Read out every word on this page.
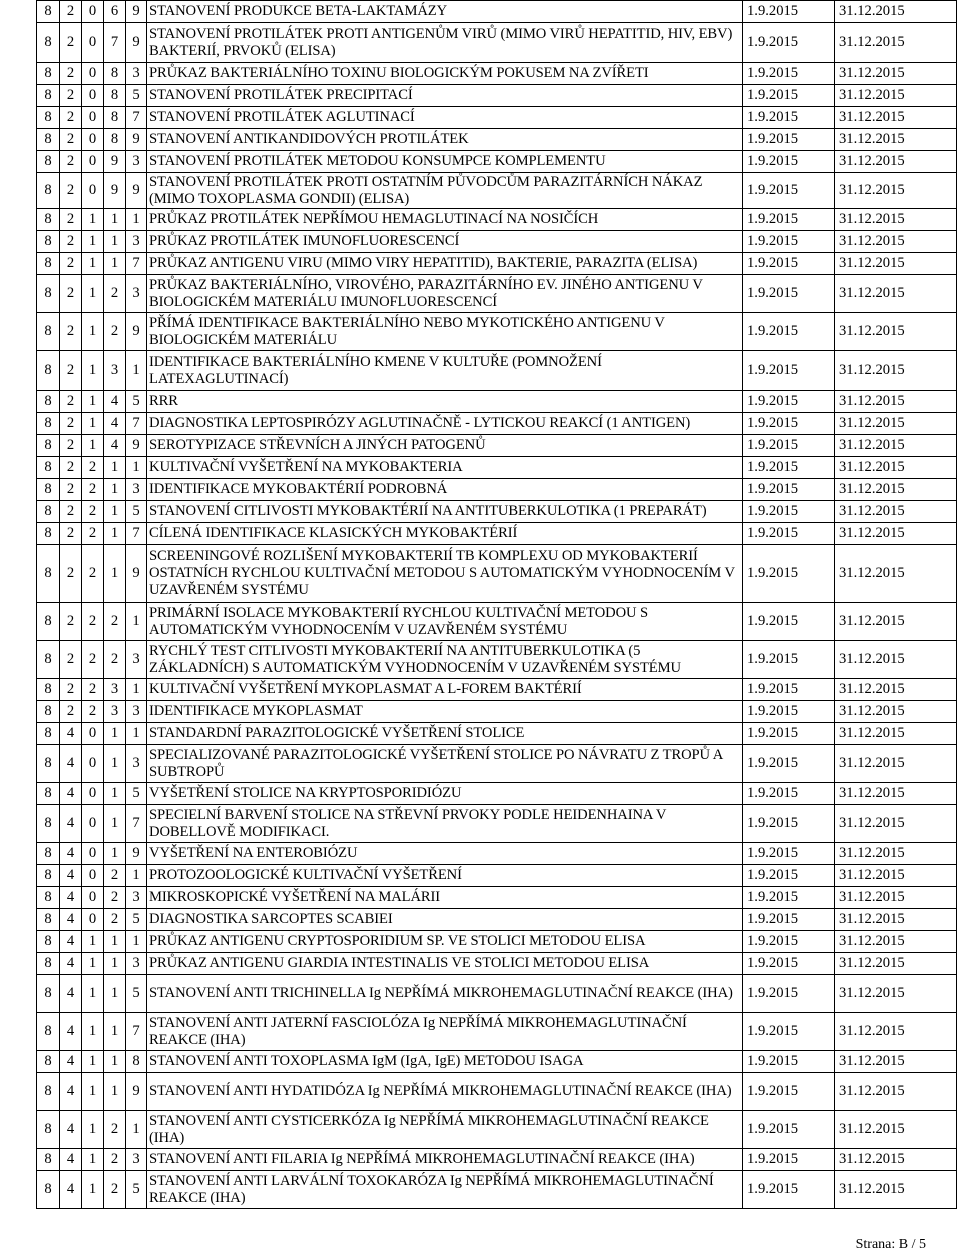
8	2	0	6	9	STANOVENÍ PRODUKCE BETA-LAKTAMÁZY	1.9.2015	31.12.2015
8	2	0	7	9	STANOVENÍ PROTILÁTEK PROTI ANTIGENŮM VIRŮ (MIMO VIRŮ HEPATITID, HIV, EBV) BAKTERIÍ, PRVOKŮ (ELISA)	1.9.2015	31.12.2015
8	2	0	8	3	PRŮKAZ BAKTERIÁLNÍHO TOXINU BIOLOGICKÝM POKUSEM NA ZVÍŘETI	1.9.2015	31.12.2015
8	2	0	8	5	STANOVENÍ PROTILÁTEK PRECIPITACÍ	1.9.2015	31.12.2015
8	2	0	8	7	STANOVENÍ PROTILÁTEK AGLUTINACÍ	1.9.2015	31.12.2015
8	2	0	8	9	STANOVENÍ ANTIKANDIDOVÝCH PROTILÁTEK	1.9.2015	31.12.2015
8	2	0	9	3	STANOVENÍ PROTILÁTEK METODOU KONSUMPCE KOMPLEMENTU	1.9.2015	31.12.2015
8	2	0	9	9	STANOVENÍ PROTILÁTEK PROTI OSTATNÍM PŮVODCŮM PARAZITÁRNÍCH NÁKAZ (MIMO TOXOPLASMA GONDII) (ELISA)	1.9.2015	31.12.2015
8	2	1	1	1	PRŮKAZ PROTILÁTEK NEPŘÍMOU HEMAGLUTINACÍ NA NOSIČÍCH	1.9.2015	31.12.2015
8	2	1	1	3	PRŮKAZ PROTILÁTEK IMUNOFLUORESCENCÍ	1.9.2015	31.12.2015
8	2	1	1	7	PRŮKAZ ANTIGENU VIRU (MIMO VIRY HEPATITID), BAKTERIE, PARAZITA (ELISA)	1.9.2015	31.12.2015
8	2	1	2	3	PRŮKAZ BAKTERIÁLNÍHO, VIROVÉHO, PARAZITÁRNÍHO EV. JINÉHO ANTIGENU V BIOLOGICKÉM MATERIÁLU IMUNOFLUORESCENCÍ	1.9.2015	31.12.2015
8	2	1	2	9	PŘÍMÁ IDENTIFIKACE BAKTERIÁLNÍHO NEBO MYKOTICKÉHO ANTIGENU V BIOLOGICKÉM MATERIÁLU	1.9.2015	31.12.2015
8	2	1	3	1	IDENTIFIKACE BAKTERIÁLNÍHO KMENE V KULTUŘE (POMNOŽENÍ LATEXAGLUTINACÍ)	1.9.2015	31.12.2015
8	2	1	4	5	RRR	1.9.2015	31.12.2015
8	2	1	4	7	DIAGNOSTIKA LEPTOSPIRÓZY AGLUTINAČNĚ - LYTICKOU REAKCÍ (1 ANTIGEN)	1.9.2015	31.12.2015
8	2	1	4	9	SEROTYPIZACE STŘEVNÍCH A JINÝCH PATOGENŮ	1.9.2015	31.12.2015
8	2	2	1	1	KULTIVAČNÍ VYŠETŘENÍ NA MYKOBAKTERIA	1.9.2015	31.12.2015
8	2	2	1	3	IDENTIFIKACE MYKOBAKTÉRIÍ PODROBNÁ	1.9.2015	31.12.2015
8	2	2	1	5	STANOVENÍ CITLIVOSTI MYKOBAKTÉRIÍ NA ANTITUBERKULOTIKA (1 PREPARÁT)	1.9.2015	31.12.2015
8	2	2	1	7	CÍLENÁ IDENTIFIKACE KLASICKÝCH MYKOBAKTÉRIÍ	1.9.2015	31.12.2015
8	2	2	1	9	SCREENINGOVÉ ROZLIŠENÍ MYKOBAKTERIÍ TB KOMPLEXU OD MYKOBAKTERIÍ OSTATNÍCH RYCHLOU KULTIVAČNÍ METODOU S AUTOMATICKÝM VYHODNOCENÍM V UZAVŘENÉM SYSTÉMU	1.9.2015	31.12.2015
8	2	2	2	1	PRIMÁRNÍ ISOLACE MYKOBAKTERIÍ RYCHLOU KULTIVAČNÍ METODOU S AUTOMATICKÝM VYHODNOCENÍM V UZAVŘENÉM SYSTÉMU	1.9.2015	31.12.2015
8	2	2	2	3	RYCHLÝ TEST CITLIVOSTI MYKOBAKTERIÍ NA ANTITUBERKULOTIKA (5 ZÁKLADNÍCH) S AUTOMATICKÝM VYHODNOCENÍM V UZAVŘENÉM SYSTÉMU	1.9.2015	31.12.2015
8	2	2	3	1	KULTIVAČNÍ VYŠETŘENÍ MYKOPLASMAT A L-FOREM BAKTÉRIÍ	1.9.2015	31.12.2015
8	2	2	3	3	IDENTIFIKACE MYKOPLASMAT	1.9.2015	31.12.2015
8	4	0	1	1	STANDARDNÍ PARAZITOLOGICKÉ VYŠETŘENÍ STOLICE	1.9.2015	31.12.2015
8	4	0	1	3	SPECIALIZOVANÉ PARAZITOLOGICKÉ VYŠETŘENÍ STOLICE PO NÁVRATU Z TROPŮ A SUBTROPŮ	1.9.2015	31.12.2015
8	4	0	1	5	VYŠETŘENÍ STOLICE NA KRYPTOSPORIDIÓZU	1.9.2015	31.12.2015
8	4	0	1	7	SPECIELNÍ BARVENÍ STOLICE NA STŘEVNÍ PRVOKY PODLE HEIDENHAINA V DOBELLOVĚ MODIFIKACI.	1.9.2015	31.12.2015
8	4	0	1	9	VYŠETŘENÍ NA ENTEROBIÓZU	1.9.2015	31.12.2015
8	4	0	2	1	PROTOZOOLOGICKÉ KULTIVAČNÍ VYŠETŘENÍ	1.9.2015	31.12.2015
8	4	0	2	3	MIKROSKOPICKÉ VYŠETŘENÍ NA MALÁRII	1.9.2015	31.12.2015
8	4	0	2	5	DIAGNOSTIKA SARCOPTES SCABIEI	1.9.2015	31.12.2015
8	4	1	1	1	PRŮKAZ ANTIGENU CRYPTOSPORIDIUM SP. VE STOLICI METODOU ELISA	1.9.2015	31.12.2015
8	4	1	1	3	PRŮKAZ ANTIGENU GIARDIA INTESTINALIS VE STOLICI METODOU ELISA	1.9.2015	31.12.2015
8	4	1	1	5	STANOVENÍ ANTI TRICHINELLA Ig NEPŘÍMÁ MIKROHEMAGLUTINAČNÍ REAKCE (IHA)	1.9.2015	31.12.2015
8	4	1	1	7	STANOVENÍ ANTI JATERNÍ FASCIOLÓZA Ig NEPŘÍMÁ MIKROHEMAGLUTINAČNÍ REAKCE (IHA)	1.9.2015	31.12.2015
8	4	1	1	8	STANOVENÍ ANTI TOXOPLASMA IgM (IgA, IgE) METODOU ISAGA	1.9.2015	31.12.2015
8	4	1	1	9	STANOVENÍ ANTI HYDATIDÓZA Ig NEPŘÍMÁ MIKROHEMAGLUTINAČNÍ REAKCE (IHA)	1.9.2015	31.12.2015
8	4	1	2	1	STANOVENÍ ANTI CYSTICERKÓZA Ig NEPŘÍMÁ MIKROHEMAGLUTINAČNÍ REAKCE (IHA)	1.9.2015	31.12.2015
8	4	1	2	3	STANOVENÍ ANTI FILARIA Ig NEPŘÍMÁ MIKROHEMAGLUTINAČNÍ REAKCE (IHA)	1.9.2015	31.12.2015
8	4	1	2	5	STANOVENÍ ANTI LARVÁLNÍ TOXOKARÓZA Ig NEPŘÍMÁ MIKROHEMAGLUTINAČNÍ REAKCE (IHA)	1.9.2015	31.12.2015
Strana: B / 5
